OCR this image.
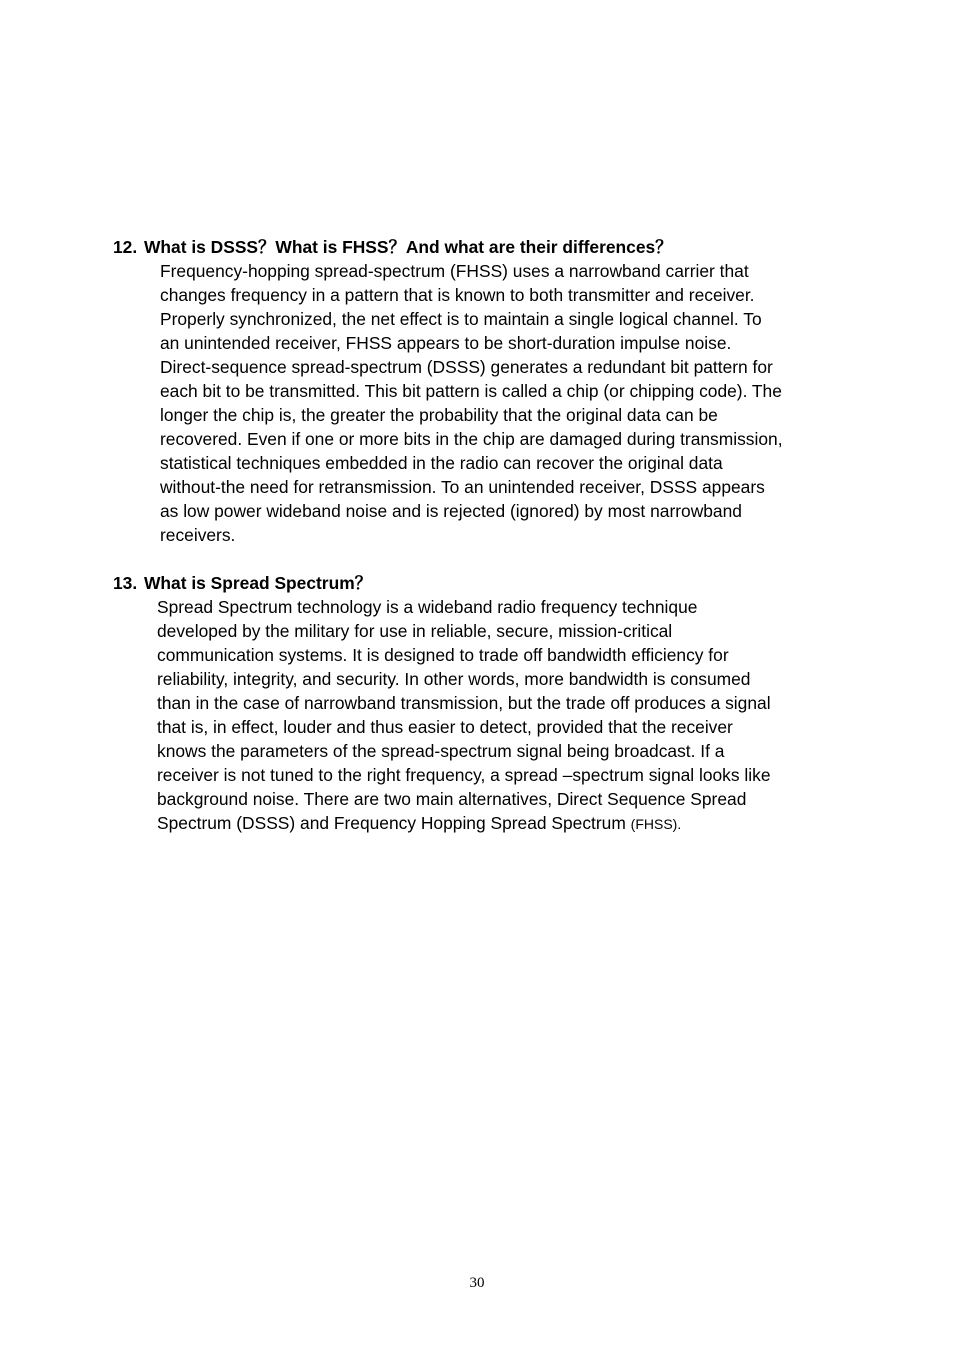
12. What is DSSS？What is FHSS？And what are their differences？

Frequency-hopping spread-spectrum (FHSS) uses a narrowband carrier that
changes frequency in a pattern that is known to both transmitter and receiver.
Properly synchronized, the net effect is to maintain a single logical channel. To
an unintended receiver, FHSS appears to be short-duration impulse noise.
Direct-sequence spread-spectrum (DSSS) generates a redundant bit pattern for
each bit to be transmitted. This bit pattern is called a chip (or chipping code). The
longer the chip is, the greater the probability that the original data can be
recovered. Even if one or more bits in the chip are damaged during transmission,
statistical techniques embedded in the radio can recover the original data
without-the need for retransmission. To an unintended receiver, DSSS appears
as low power wideband noise and is rejected (ignored) by most narrowband
receivers.

13. What is Spread Spectrum？

Spread Spectrum technology is a wideband radio frequency technique
developed by the military for use in reliable, secure, mission-critical
communication systems. It is designed to trade off bandwidth efficiency for
reliability, integrity, and security. In other words, more bandwidth is consumed
than in the case of narrowband transmission, but the trade off produces a signal
that is, in effect, louder and thus easier to detect, provided that the receiver
knows the parameters of the spread-spectrum signal being broadcast. If a
receiver is not tuned to the right frequency, a spread –spectrum signal looks like
background noise. There are two main alternatives, Direct Sequence Spread
Spectrum (DSSS) and Frequency Hopping Spread Spectrum (FHSS).
30
